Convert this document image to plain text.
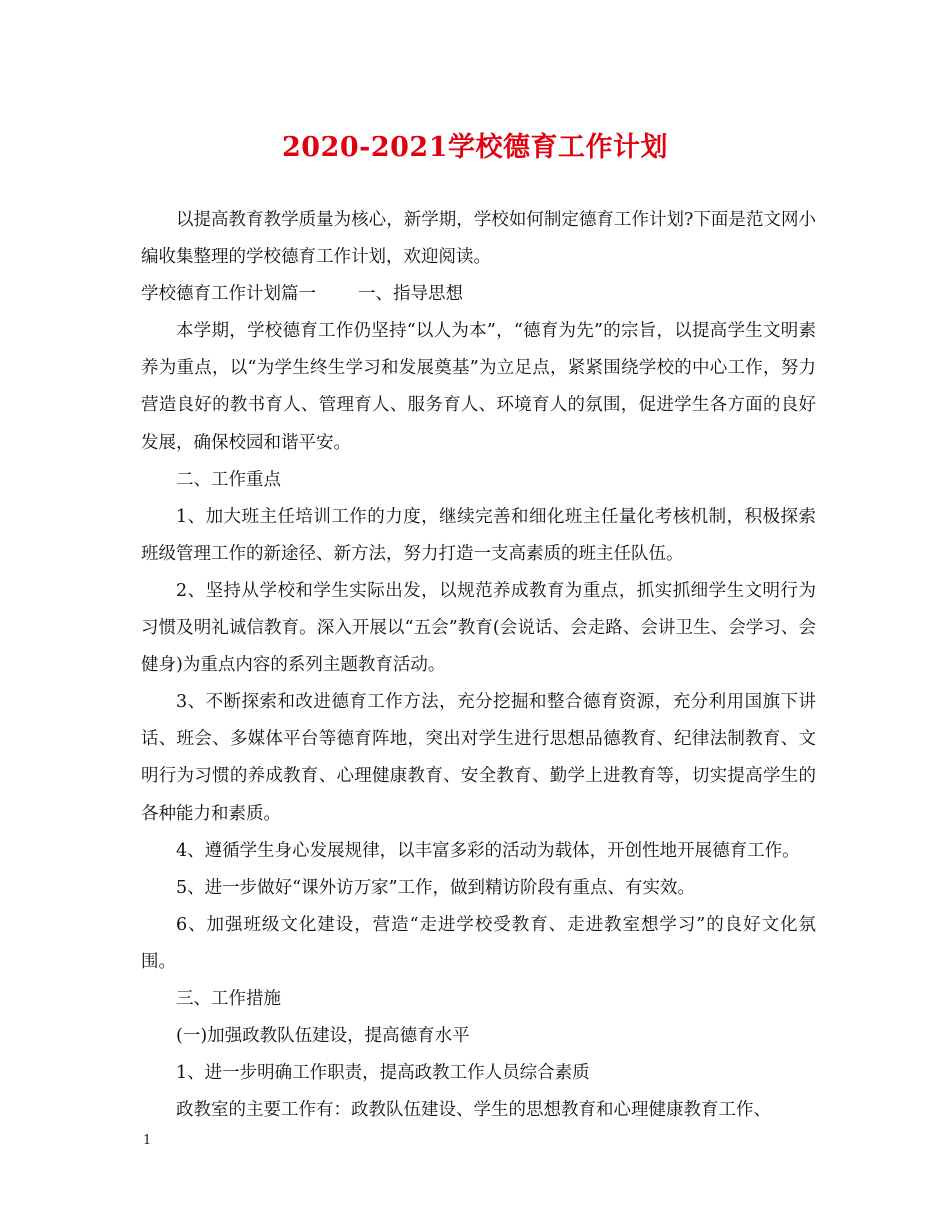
2020-2021学校德育工作计划

以提高教育教学质量为核心，新学期，学校如何制定德育工作计划?下面是范文网小编收集整理的学校德育工作计划，欢迎阅读。

学校德育工作计划篇一 一、指导思想

本学期，学校德育工作仍坚持“以人为本”，“德育为先”的宗旨，以提高学生文明素养为重点，以“为学生终生学习和发展奠基”为立足点，紧紧围绕学校的中心工作，努力营造良好的教书育人、管理育人、服务育人、环境育人的氛围，促进学生各方面的良好发展，确保校园和谐平安。

二、工作重点

1、加大班主任培训工作的力度，继续完善和细化班主任量化考核机制，积极探索班级管理工作的新途径、新方法，努力打造一支高素质的班主任队伍。

2、坚持从学校和学生实际出发，以规范养成教育为重点，抓实抓细学生文明行为习惯及明礼诚信教育。深入开展以“五会”教育(会说话、会走路、会讲卫生、会学习、会健身)为重点内容的系列主题教育活动。

3、不断探索和改进德育工作方法，充分挖掘和整合德育资源，充分利用国旗下讲话、班会、多媒体平台等德育阵地，突出对学生进行思想品德教育、纪律法制教育、文明行为习惯的养成教育、心理健康教育、安全教育、勤学上进教育等，切实提高学生的各种能力和素质。

4、遵循学生身心发展规律，以丰富多彩的活动为载体，开创性地开展德育工作。

5、进一步做好“课外访万家”工作，做到精访阶段有重点、有实效。

6、加强班级文化建设，营造“走进学校受教育、走进教室想学习”的良好文化氛围。

三、工作措施

(一)加强政教队伍建设，提高德育水平

1、进一步明确工作职责，提高政教工作人员综合素质

政教室的主要工作有：政教队伍建设、学生的思想教育和心理健康教育工作、

1
